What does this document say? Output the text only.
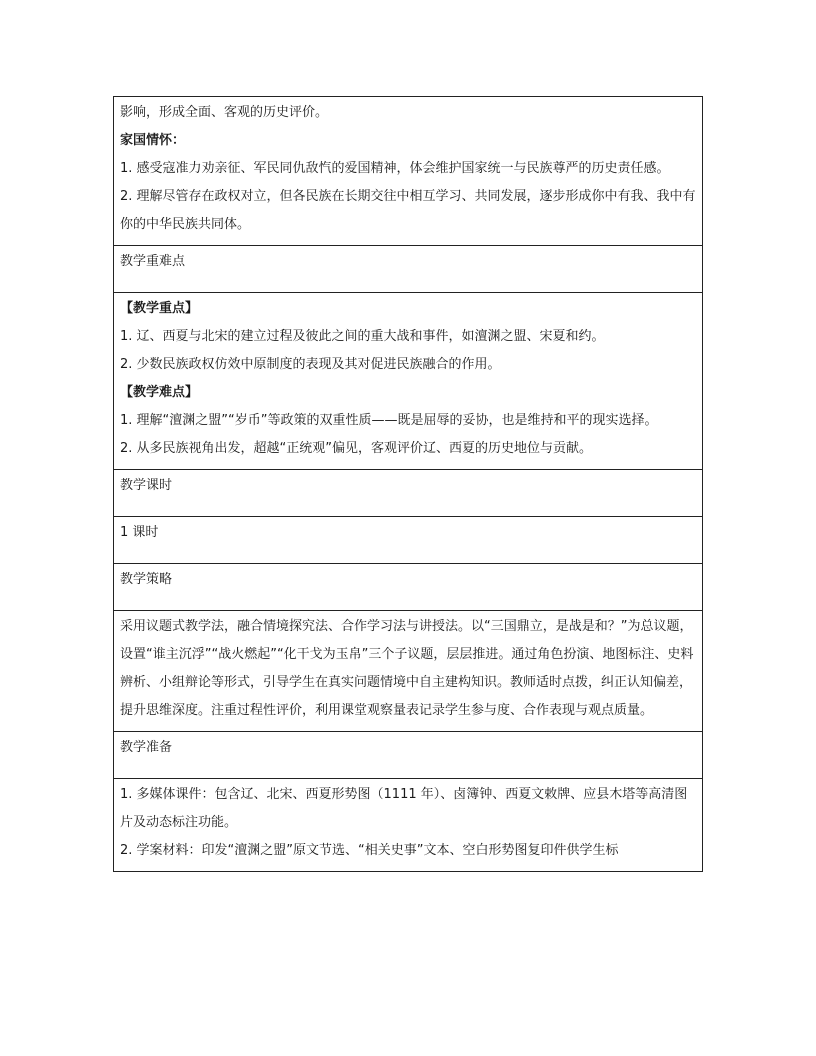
影响，形成全面、客观的历史评价。

家国情怀：

1. 感受寇准力劝亲征、军民同仇敌忾的爱国精神，体会维护国家统一与民族尊严的历史责任感。

2. 理解尽管存在政权对立，但各民族在长期交往中相互学习、共同发展，逐步形成你中有我、我中有你的中华民族共同体。

教学重难点

【教学重点】

1. 辽、西夏与北宋的建立过程及彼此之间的重大战和事件，如澶渊之盟、宋夏和约。

2. 少数民族政权仿效中原制度的表现及其对促进民族融合的作用。

【教学难点】

1. 理解“澶渊之盟”“岁币”等政策的双重性质——既是屈辱的妥协，也是维持和平的现实选择。

2. 从多民族视角出发，超越“正统观”偏见，客观评价辽、西夏的历史地位与贡献。

教学课时
1 课时
教学策略

采用议题式教学法，融合情境探究法、合作学习法与讲授法。以“三国鼎立，是战是和？”为总议题，设置“谁主沉浮”“战火燃起”“化干戈为玉帛”三个子议题，层层推进。通过角色扮演、地图标注、史料辨析、小组辩论等形式，引导学生在真实问题情境中自主建构知识。教师适时点拨，纠正认知偏差，提升思维深度。注重过程性评价，利用课堂观察量表记录学生参与度、合作表现与观点质量。

教学准备

1. 多媒体课件：包含辽、北宋、西夏形势图（1111 年）、卤簿钟、西夏文敕牌、应县木塔等高清图片及动态标注功能。

2. 学案材料：印发“澶渊之盟”原文节选、“相关史事”文本、空白形势图复印件供学生标
